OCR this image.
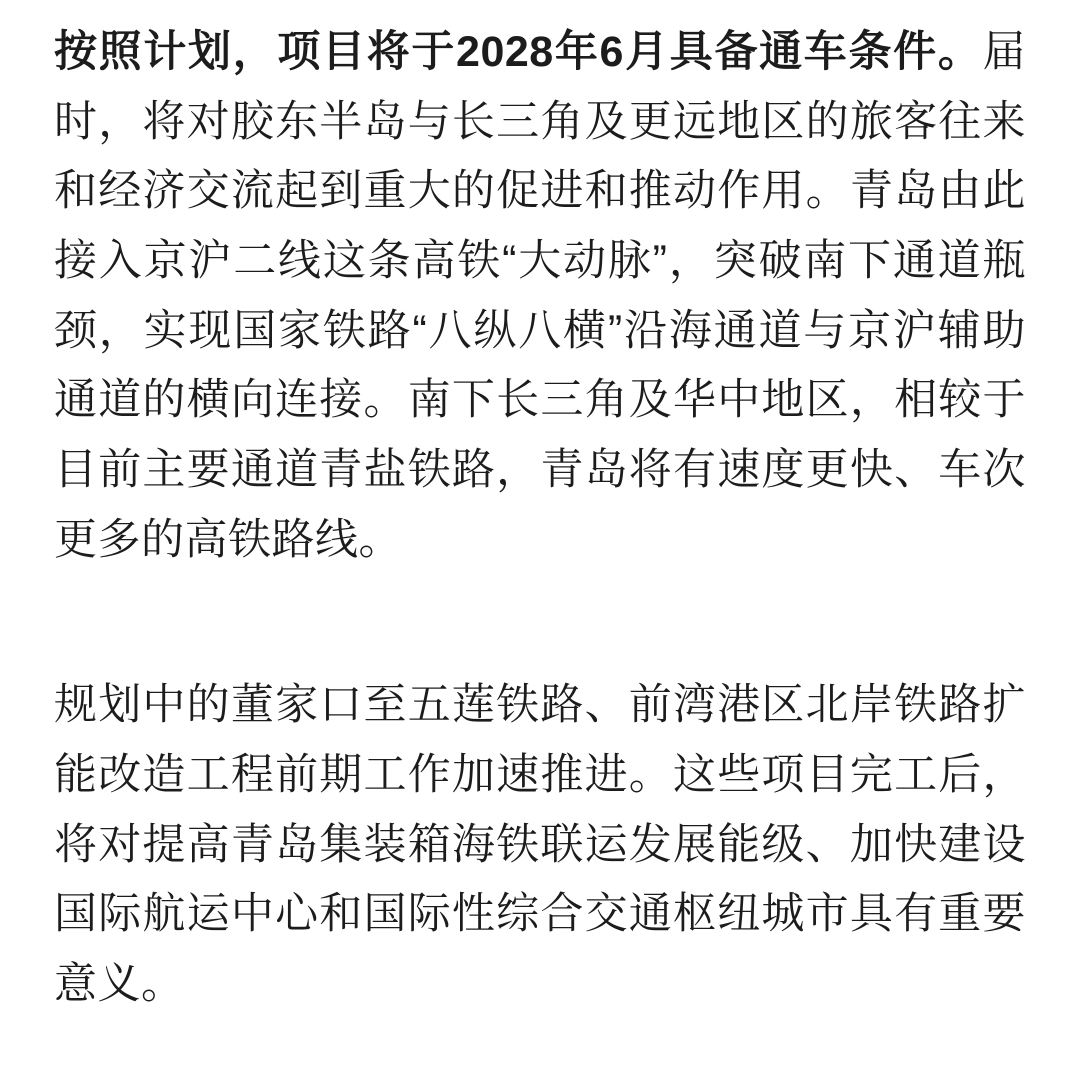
按照计划，项目将于2028年6月具备通车条件。届时，将对胶东半岛与长三角及更远地区的旅客往来和经济交流起到重大的促进和推动作用。青岛由此接入京沪二线这条高铁“大动脉”，突破南下通道瓶颈，实现国家铁路“八纵八横”沿海通道与京沪辅助通道的横向连接。南下长三角及华中地区，相较于目前主要通道青盐铁路，青岛将有速度更快、车次更多的高铁路线。

规划中的董家口至五莲铁路、前湾港区北岸铁路扩能改造工程前期工作加速推进。这些项目完工后，将对提高青岛集装箱海铁联运发展能级、加快建设国际航运中心和国际性综合交通枢纽城市具有重要意义。
